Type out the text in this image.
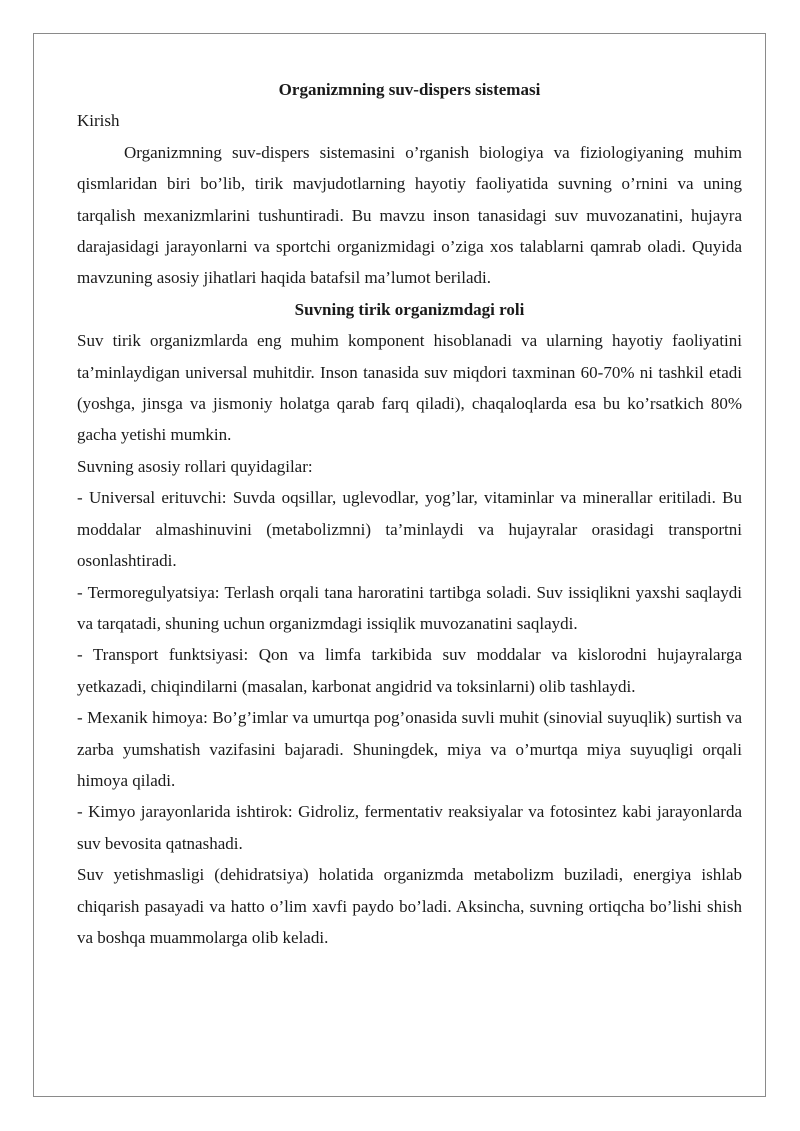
Organizmning suv-dispers sistemasi

Kirish

Organizmning suv-dispers sistemasini o’rganish biologiya va fiziologiyaning muhim qismlaridan biri bo’lib, tirik mavjudotlarning hayotiy faoliyatida suvning o’rnini va uning tarqalish mexanizmlarini tushuntiradi. Bu mavzu inson tanasidagi suv muvozanatini, hujayra darajasidagi jarayonlarni va sportchi organizmidagi o’ziga xos talablarni qamrab oladi. Quyida mavzuning asosiy jihatlari haqida batafsil ma’lumot beriladi.

Suvning tirik organizmdagi roli

Suv tirik organizmlarda eng muhim komponent hisoblanadi va ularning hayotiy faoliyatini ta’minlaydigan universal muhitdir. Inson tanasida suv miqdori taxminan 60-70% ni tashkil etadi (yoshga, jinsga va jismoniy holatga qarab farq qiladi), chaqaloqlarda esa bu ko’rsatkich 80% gacha yetishi mumkin.

Suvning asosiy rollari quyidagilar:

- Universal erituvchi: Suvda oqsillar, uglevodlar, yog’lar, vitaminlar va minerallar eritiladi. Bu moddalar almashinuvini (metabolizmni) ta’minlaydi va hujayralar orasidagi transportni osonlashtiradi.

- Termoregulyatsiya: Terlash orqali tana haroratini tartibga soladi. Suv issiqlikni yaxshi saqlaydi va tarqatadi, shuning uchun organizmdagi issiqlik muvozanatini saqlaydi.

- Transport funktsiyasi: Qon va limfa tarkibida suv moddalar va kislorodni hujayralarga yetkazadi, chiqindilarni (masalan, karbonat angidrid va toksinlarni) olib tashlaydi.

- Mexanik himoya: Bo’g’imlar va umurtqa pog’onasida suvli muhit (sinovial suyuqlik) surtish va zarba yumshatish vazifasini bajaradi. Shuningdek, miya va o’murtqa miya suyuqligi orqali himoya qiladi.

- Kimyo jarayonlarida ishtirok: Gidroliz, fermentativ reaksiyalar va fotosintez kabi jarayonlarda suv bevosita qatnashadi.

Suv yetishmasligi (dehidratsiya) holatida organizmda metabolizm buziladi, energiya ishlab chiqarish pasayadi va hatto o’lim xavfi paydo bo’ladi. Aksincha, suvning ortiqcha bo’lishi shish va boshqa muammolarga olib keladi.
